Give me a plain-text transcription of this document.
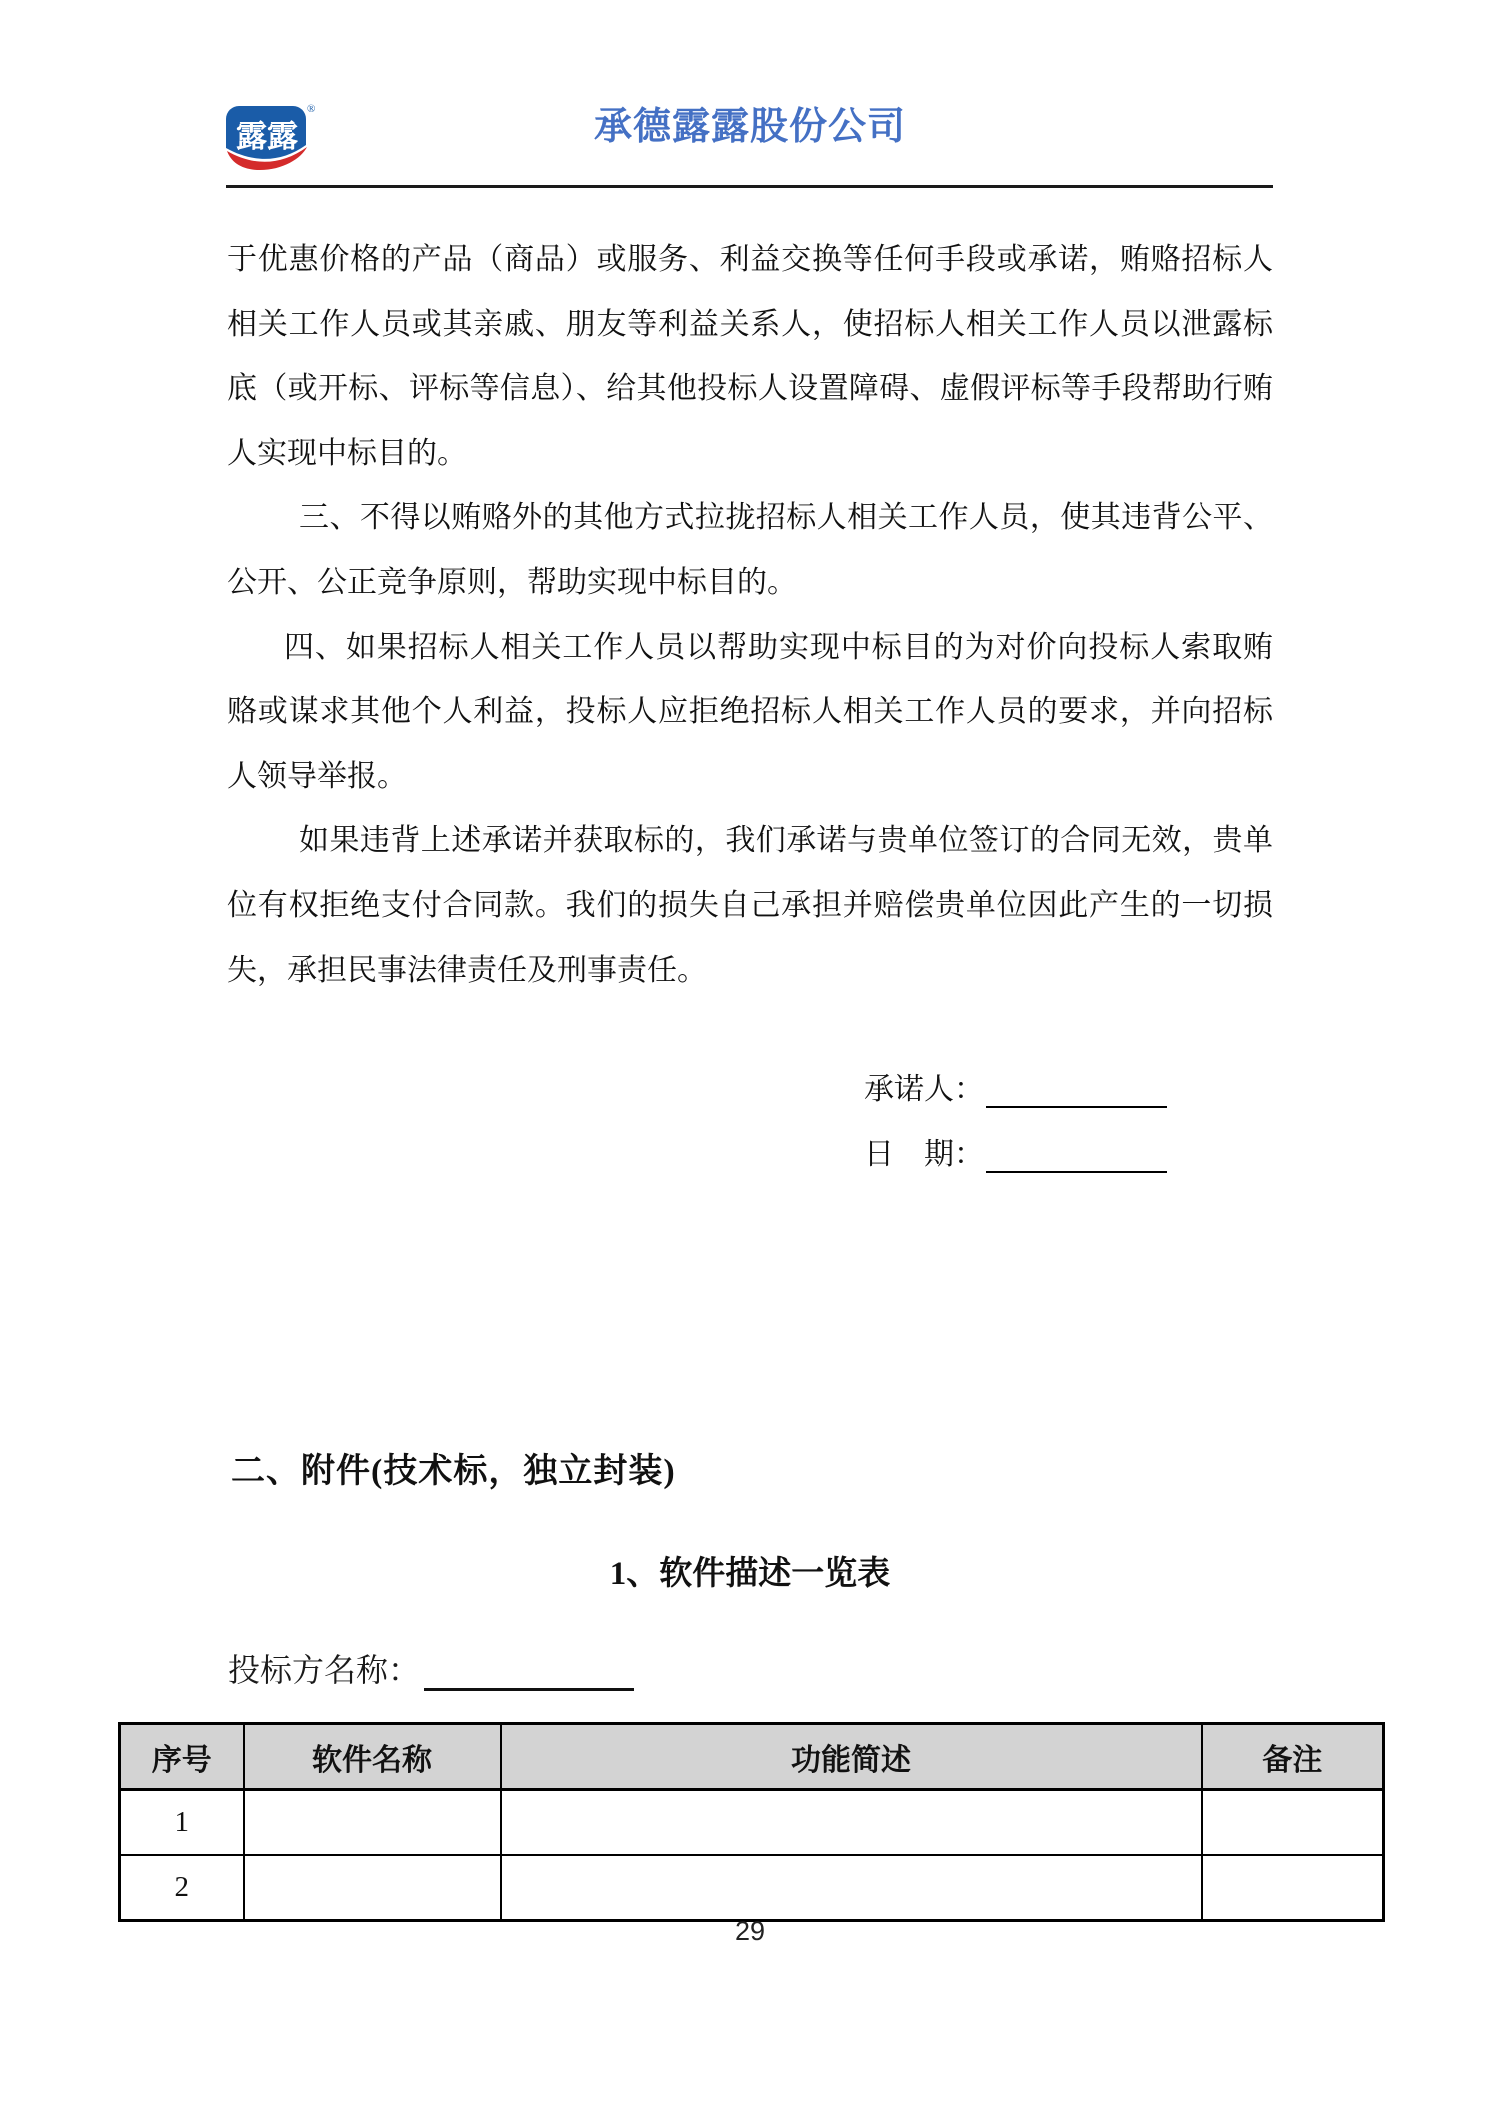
露露
®	承德露露股份公司

于优惠价格的产品（商品）或服务、利益交换等任何手段或承诺，贿赂招标人相关工作人员或其亲戚、朋友等利益关系人，使招标人相关工作人员以泄露标底（或开标、评标等信息）、给其他投标人设置障碍、虚假评标等手段帮助行贿人实现中标目的。

三、不得以贿赂外的其他方式拉拢招标人相关工作人员，使其违背公平、公开、公正竞争原则，帮助实现中标目的。

四、如果招标人相关工作人员以帮助实现中标目的为对价向投标人索取贿赂或谋求其他个人利益，投标人应拒绝招标人相关工作人员的要求，并向招标人领导举报。

如果违背上述承诺并获取标的，我们承诺与贵单位签订的合同无效，贵单位有权拒绝支付合同款。我们的损失自己承担并赔偿贵单位因此产生的一切损失，承担民事法律责任及刑事责任。

承诺人：
日　期：
二、附件(技术标，独立封装)
1、软件描述一览表
投标方名称：
序号	软件名称	功能简述	备注
1			
2			
29
